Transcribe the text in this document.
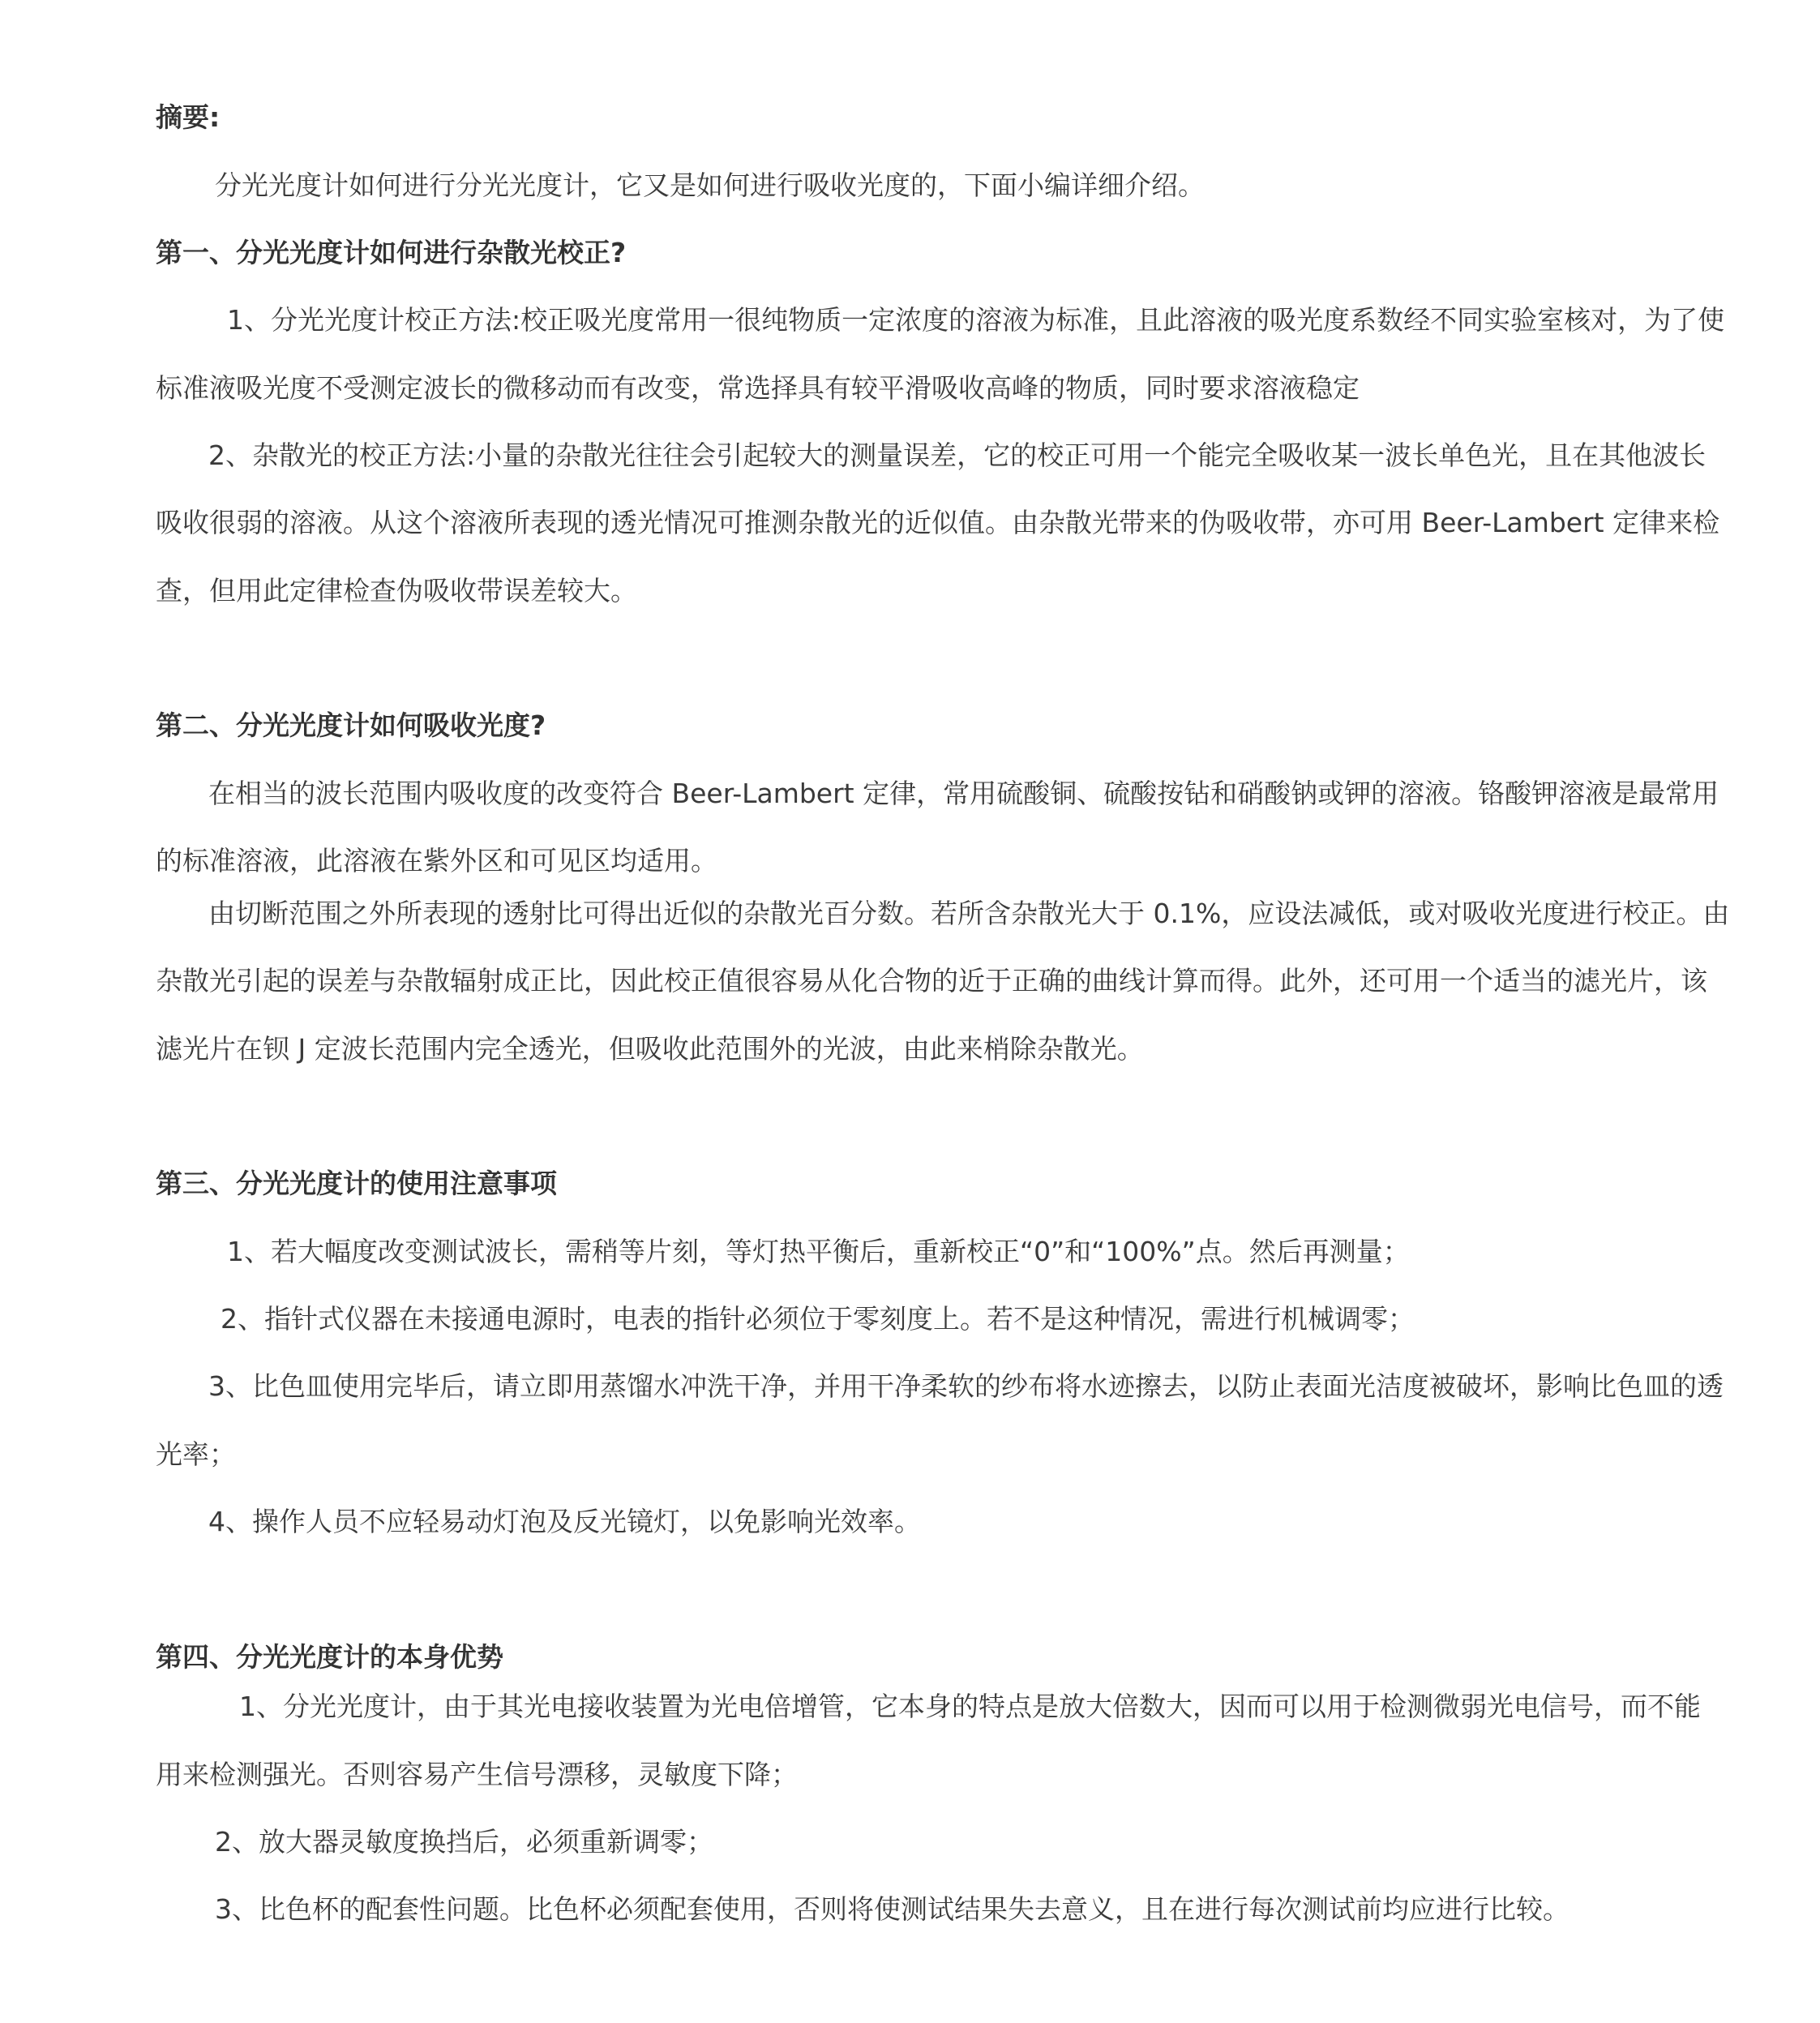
摘要:
分光光度计如何进行分光光度计，它又是如何进行吸收光度的，下面小编详细介绍。
第一、分光光度计如何进行杂散光校正?
1、分光光度计校正方法:校正吸光度常用一很纯物质一定浓度的溶液为标准，且此溶液的吸光度系数经不同实验室核对，为了使
标准液吸光度不受测定波长的微移动而有改变，常选择具有较平滑吸收高峰的物质，同时要求溶液稳定
2、杂散光的校正方法:小量的杂散光往往会引起较大的测量误差，它的校正可用一个能完全吸收某一波长单色光，且在其他波长
吸收很弱的溶液。从这个溶液所表现的透光情况可推测杂散光的近似值。由杂散光带来的伪吸收带，亦可用 Beer-Lambert 定律来检
查，但用此定律检查伪吸收带误差较大。
第二、分光光度计如何吸收光度?
在相当的波长范围内吸收度的改变符合 Beer-Lambert 定律，常用硫酸铜、硫酸按钻和硝酸钠或钾的溶液。铬酸钾溶液是最常用
的标准溶液，此溶液在紫外区和可见区均适用。
由切断范围之外所表现的透射比可得出近似的杂散光百分数。若所含杂散光大于 0.1%，应设法减低，或对吸收光度进行校正。由
杂散光引起的误差与杂散辐射成正比，因此校正值很容易从化合物的近于正确的曲线计算而得。此外，还可用一个适当的滤光片，该
滤光片在钡 J 定波长范围内完全透光，但吸收此范围外的光波，由此来梢除杂散光。
第三、分光光度计的使用注意事项
1、若大幅度改变测试波长，需稍等片刻，等灯热平衡后，重新校正“0”和“100%”点。然后再测量；
2、指针式仪器在未接通电源时，电表的指针必须位于零刻度上。若不是这种情况，需进行机械调零；
3、比色皿使用完毕后，请立即用蒸馏水冲洗干净，并用干净柔软的纱布将水迹擦去，以防止表面光洁度被破坏，影响比色皿的透
光率；
4、操作人员不应轻易动灯泡及反光镜灯，以免影响光效率。
第四、分光光度计的本身优势
1、分光光度计，由于其光电接收装置为光电倍增管，它本身的特点是放大倍数大，因而可以用于检测微弱光电信号，而不能
用来检测强光。否则容易产生信号漂移，灵敏度下降；
2、放大器灵敏度换挡后，必须重新调零；
3、比色杯的配套性问题。比色杯必须配套使用，否则将使测试结果失去意义，且在进行每次测试前均应进行比较。
